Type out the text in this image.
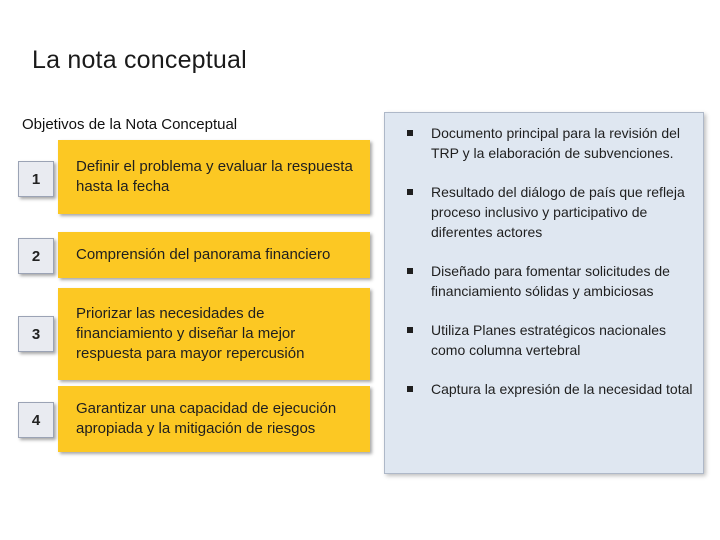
La nota conceptual
Objetivos de la Nota Conceptual
1
Definir el problema y evaluar la respuesta hasta la fecha
2	Comprensión del panorama financiero
3
Priorizar las necesidades de financiamiento y diseñar la mejor respuesta para mayor repercusión
4
Garantizar una capacidad de ejecución apropiada y la mitigación de riesgos
Documento principal para la revisión del TRP y la elaboración de subvenciones.
Resultado del diálogo de país que refleja proceso inclusivo y participativo de diferentes actores
Diseñado para fomentar solicitudes de financiamiento sólidas y ambiciosas
Utiliza Planes estratégicos nacionales como columna vertebral
Captura la expresión de la necesidad total
